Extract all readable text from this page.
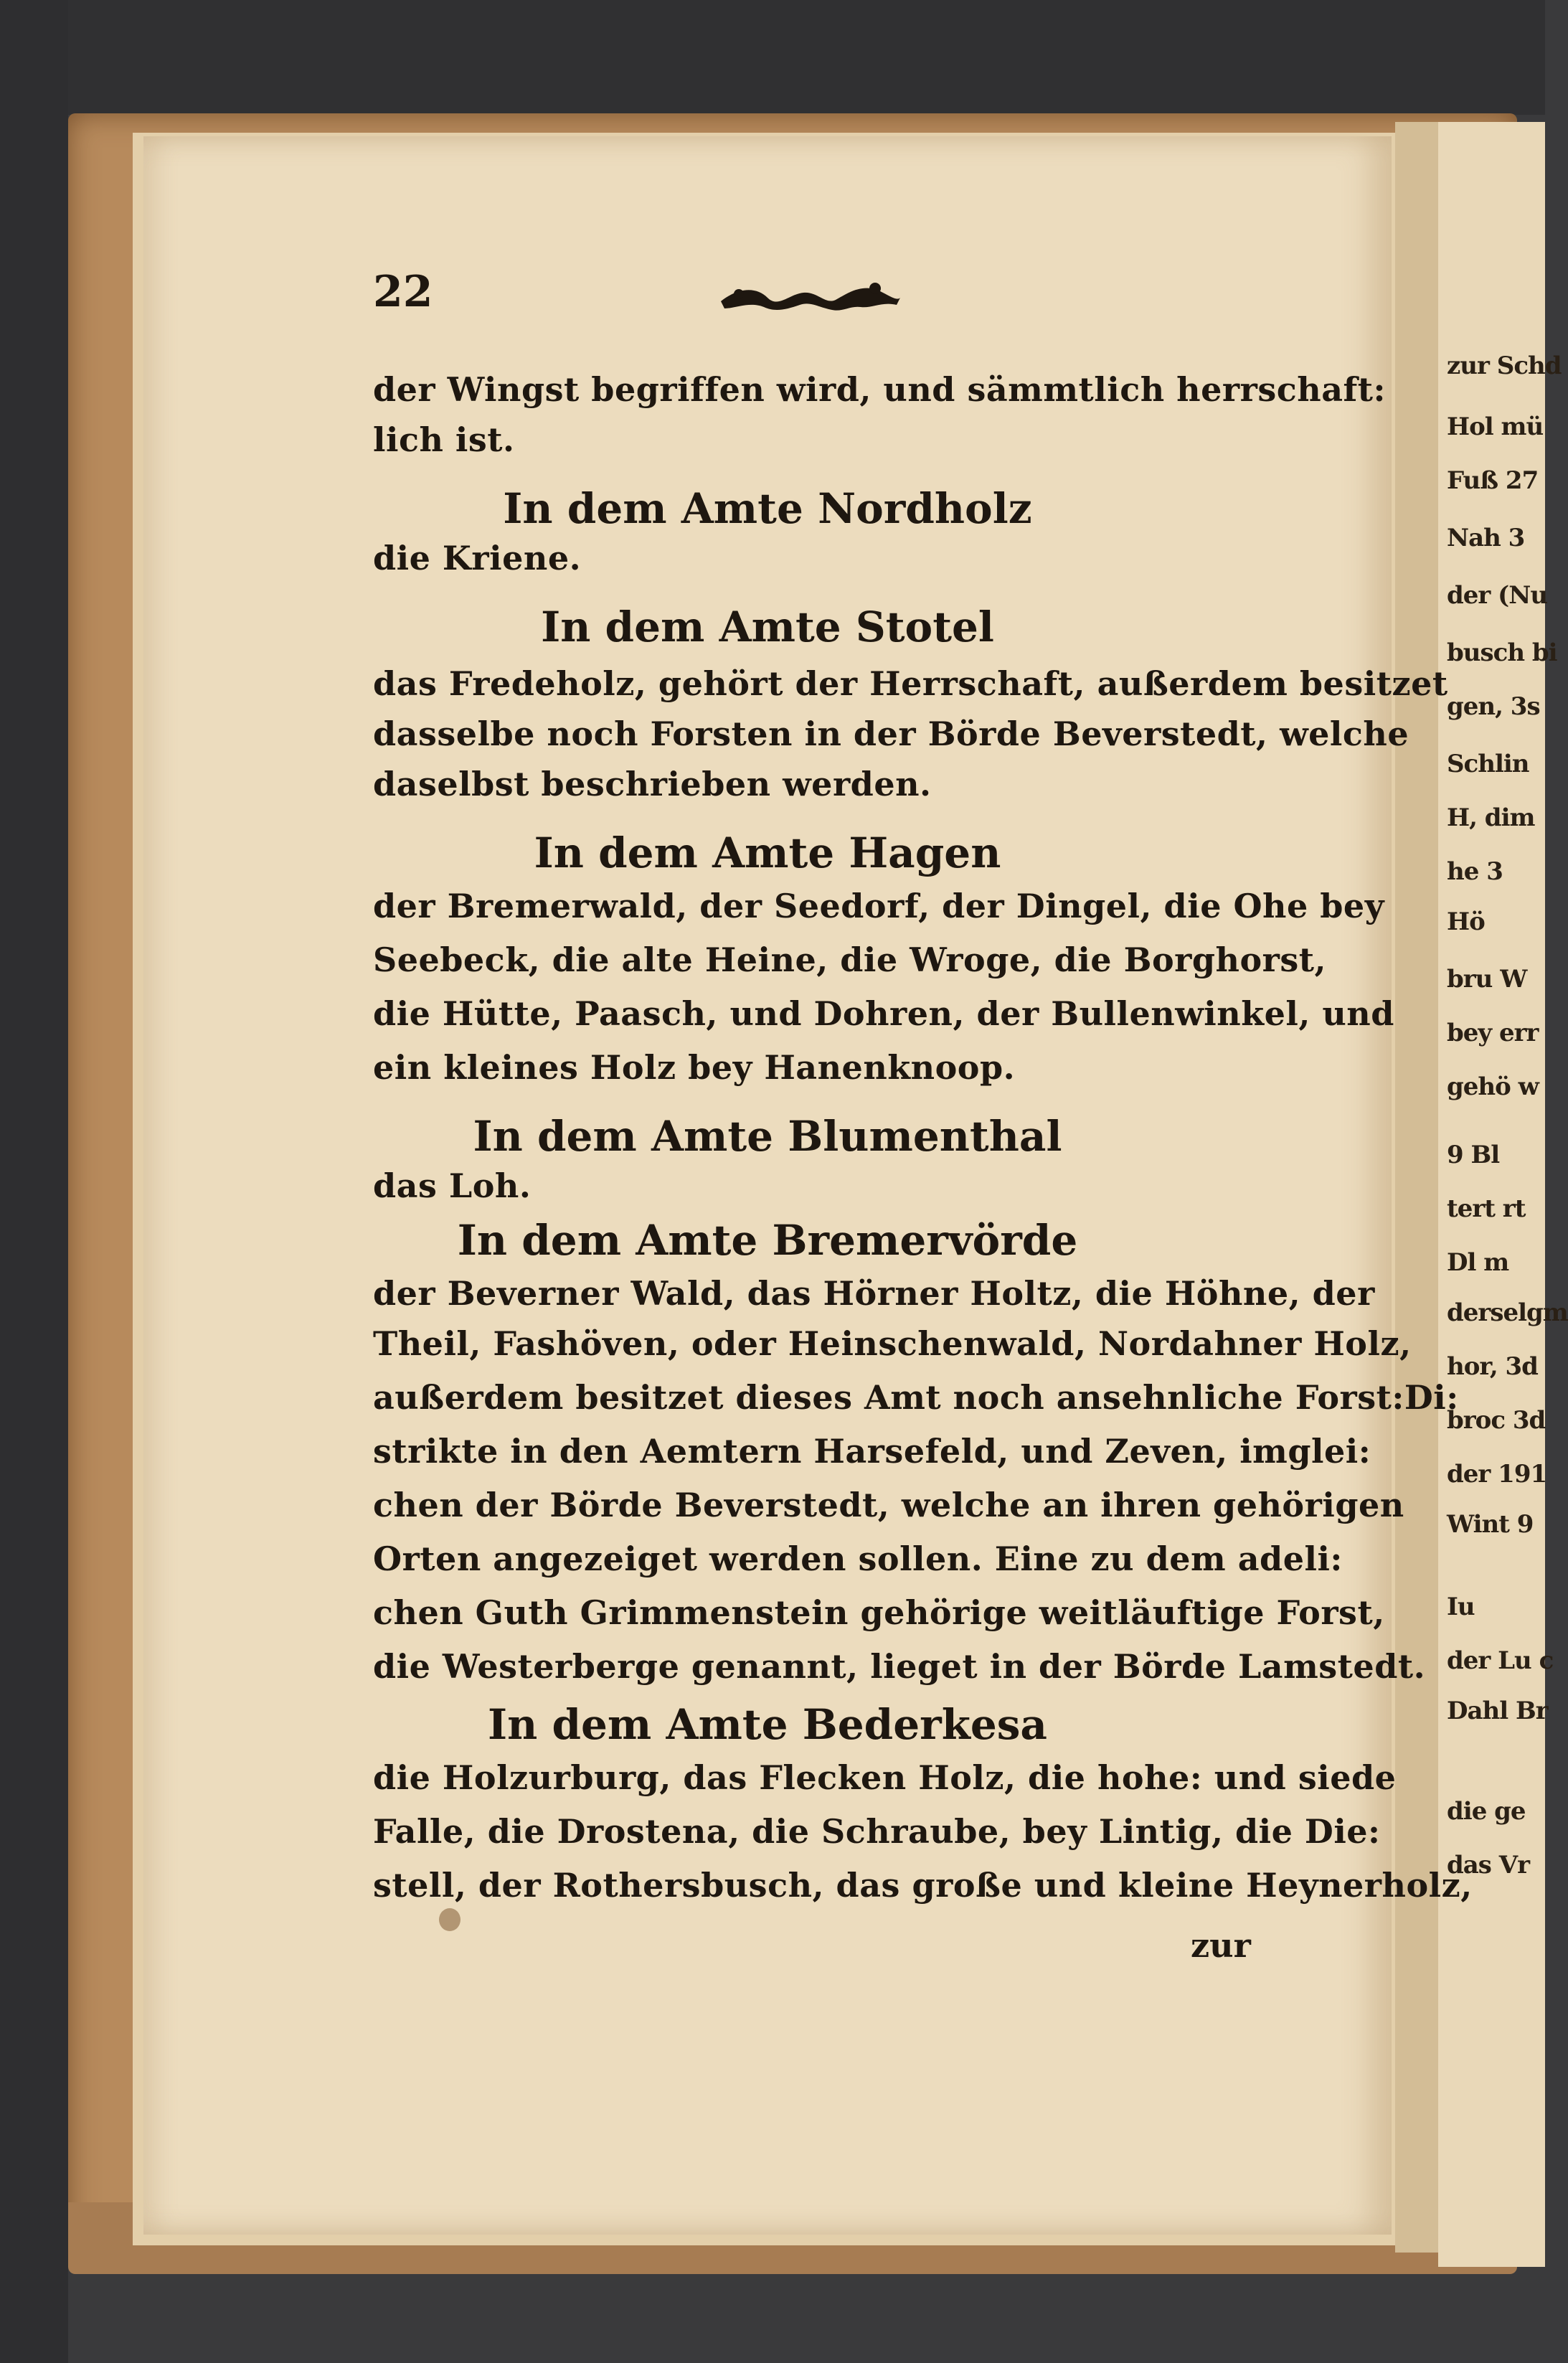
zur Schd
Hol mü
Fuß 27
Nah 3
der (Nu
busch bi
gen, 3s
Schlin
H, dim
he 3
Hö
bru W
bey err
gehö w
9 Bl
tert rt
Dl m
derselgm
hor, 3d
broc 3d
der 191
Wint 9
Iu
der Lu c
Dahl Br
die ge
das Vr
22
der Wingst begriffen wird, und sämmtlich herrschaft:
lich ist.
In dem Amte Nordholz
die Kriene.
In dem Amte Stotel
das Fredeholz, gehört der Herrschaft, außerdem besitzet
dasselbe noch Forsten in der Börde Beverstedt, welche
daselbst beschrieben werden.
In dem Amte Hagen
der Bremerwald, der Seedorf, der Dingel, die Ohe bey
Seebeck, die alte Heine, die Wroge, die Borghorst,
die Hütte, Paasch, und Dohren, der Bullenwinkel, und
ein kleines Holz bey Hanenknoop.
In dem Amte Blumenthal
das Loh.
In dem Amte Bremervörde
der Beverner Wald, das Hörner Holtz, die Höhne, der
Theil, Fashöven, oder Heinschenwald, Nordahner Holz,
außerdem besitzet dieses Amt noch ansehnliche Forst:Di:
strikte in den Aemtern Harsefeld, und Zeven, imglei:
chen der Börde Beverstedt, welche an ihren gehörigen
Orten angezeiget werden sollen. Eine zu dem adeli:
chen Guth Grimmenstein gehörige weitläuftige Forst,
die Westerberge genannt, lieget in der Börde Lamstedt.
In dem Amte Bederkesa
die Holzurburg, das Flecken Holz, die hohe: und siede
Falle, die Drostena, die Schraube, bey Lintig, die Die:
stell, der Rothersbusch, das große und kleine Heynerholz,
zur
